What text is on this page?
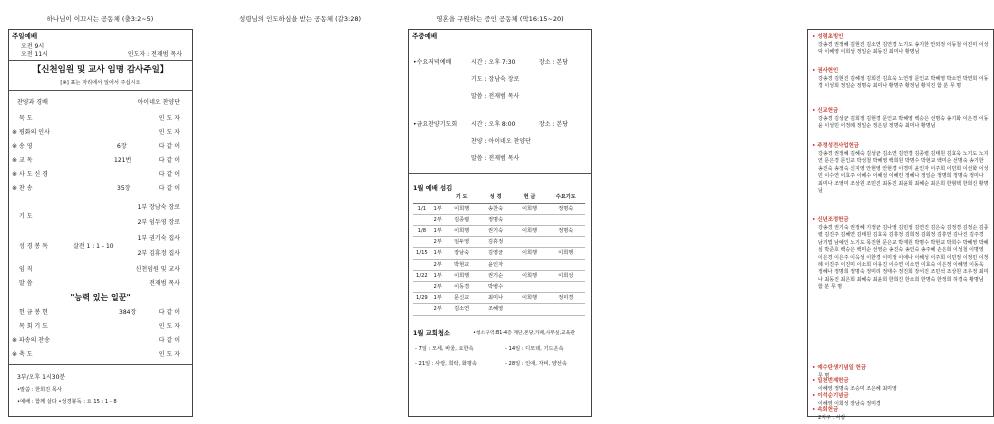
하나님이 이끄시는 공동체 (출3:2~5)
주일예배
오전 9시
오전 11시	인도자 : 전재범 목사
【신천임원 및 교사 임명 감사주일】
[※] 표는 자리에서 일어서 주십시오
찬양과 경배	아이네오 찬양단
묵 도	인 도 자
※ 평화의 인사	인 도 자
※ 송 영	6장	다 같 이
※ 교 독	121번	다 같 이
※ 사 도 신 경	다 같 이
※ 찬 송	35장	다 같 이
기 도
1부 장남숙 장로
2부 임두영 장로
성 경 봉 독	살전 1 : 1 - 10
1부 권기숙 집사
2부 김휴정 집사
임 직	신천임원 및 교사
말 씀	전재범 목사
"능력 있는 일꾼"
헌 금 봉 헌	384장	다 같 이
목 회 기 도	인 도 자
※ 파송의 찬송	다 같 이
※ 축 도	인 도 자
3부/오후 1시30분
•말씀 : 한희진 목사
•예배 : 함께 살다 •성경봉독 : 요 15 : 1 - 8
성령님의 인도하심을 받는 공동체 (갈3:28)
주중예배
•수요저녁예배	시간 : 오후 7:30	장소 : 본당
기도 : 장남숙 장로
말씀 : 전재범 목사
•금요찬양기도회 시간 : 오후 8:00	장소 : 본당
찬양 : 아이네오 찬양단
말씀 : 전재범 목사
1월 예배 섬김
		기 도	성 경	헌 금	수요기도
1/1	1부	이희행	송찬숙	이희행	정명숙
	2부	김종렬	정명숙		
1/8	1부	이희행	권기숙	이희행	정명숙
	2부	임두영	김휴정		
1/15	1부	장남숙	김영균	이희행	이희행
	2부	박현교	윤인자		
1/22	1부	이희행	권기순	이희행	이희성
	2부	이동경	박병수		
1/29	1부	문신교	최미나	이희행	정미경
	2부	김소연	조혜영		
1월 교회청소	•청소구역:B1-4층 계단,본당,카페,사무실,교육관
- 7일 : 모세, 바울, 요한속	- 14일 : 디모데, 기드온속
- 21일 : 사랑, 희락, 화평속	- 28일 : 인애, 자비, 양선속
영혼을 구원하는 증인 공동체 (막16:15~20)
• 성령초빙인
강송경 권정혜 김현진 김소연 김연경 노기도 송기한 안외정 이동철 이진미 이성덕 이혜영 이희성 정일순 최동진 최미나 황명님
• 권사헌인
강송경 김현진 김혜정 김희진 김효욱 노연정 문인교 박혜영 박소연 박연희 이동경 이성희 정일순 정명숙 최미나 황명주 황정님 황지진 함 분 무 명
• 신교헌금
강송경 김성균 김희정 김현경 문인교 박혜영 백승은 선명숙 송기화 이은경 이동윤 이성민 이정례 정일순 정은딩 정명숙 최미나 황명님
• 주정성전사업헌금
강송경 권정혜 김혜숙 김성균 김소연 김연경 김종렬 김태원 김효욱 노기도 노지연 문은경 문인교 박성철 박혜영 백희원 박명수 박현교 백미순 선명숙 송기한 송진숙 송정숙 신지영 안현영 안현경 이경미 윤인자 이주희 이민희 이선화 이성민 이수연 이효주 이혜수 이혜성 이혜린 정혜나 정일순 정명희 정명숙 정미나 최미나 조영미 조상원 조민진 최동진 최윤희 최혜순 최은희 한형택 한희진 황명님
• 신년조정헌금
강송경 권기숙 권정혜 기정균 김나영 김민정 김연진 김은숙 김정경 김정순 김종렬 김진주 김혜연 김태원 김효욱 김휴정 김희정 김회정 김휴연 김나진 김주경 남기법 남예인 노기도 목진현 문은교 박재원 박명수 박현교 박희수 박혜영 박혜심 박준호 백승은 백미순 선영순 송진숙 송인숙 송주혜 손은희 이성철 이명영 이은경 이은주 이옥성 이한경 이미정 이에나 이해성 이주희 이민정 이정민 이정례 이진주 이진미 이소희 이유진 이수연 이소연 이효숙 이은정 이혜영 이동욱 정혜나 정명희 정명숙 정미리 정태수 정진희 장서진 조민석 조상원 조우정 최미나 최동진 최은희 최혜숙 최윤희 한희진 한소희 한명숙 한정희 허경숙 황명님 함 분 무 명
• 예수탄생기념일 헌금
무 명
• 일천번제헌금
이혜영 정명숙 조승미 조은혜 최미영
• 이석순기념금
이혜영 이희성 장남숙 정미경
• 속회헌금
2지구 : 사랑
